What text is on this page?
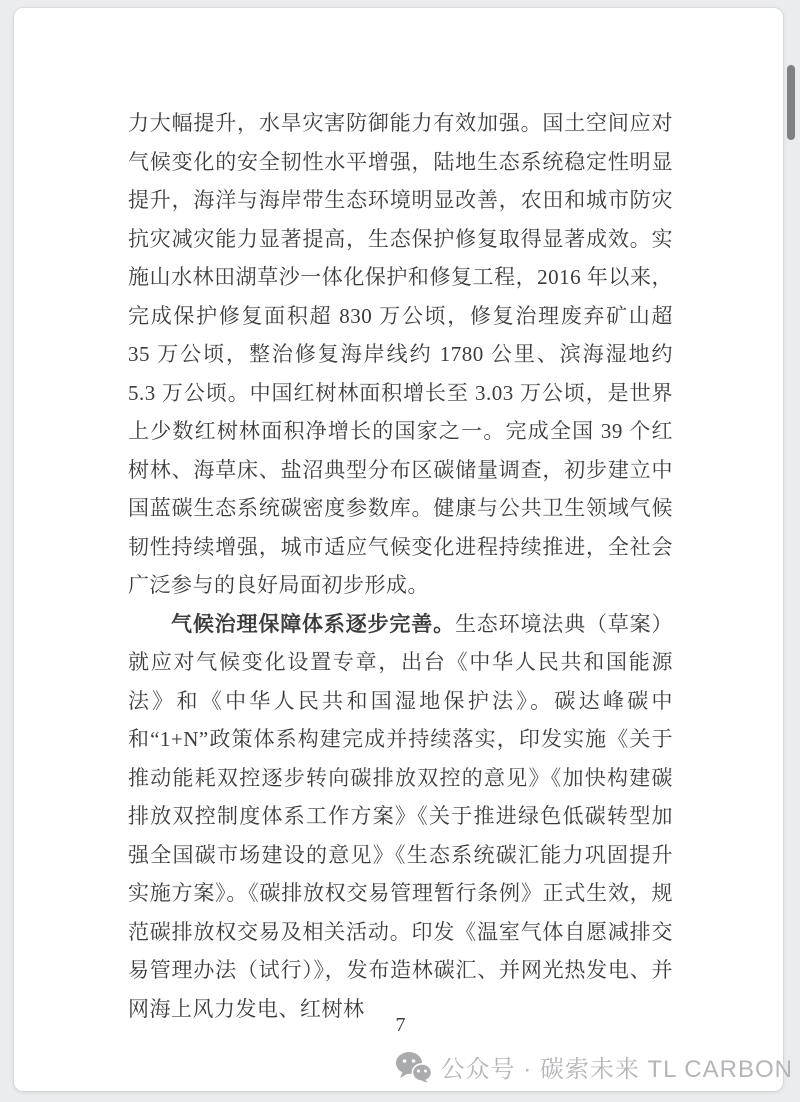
力大幅提升，水旱灾害防御能力有效加强。国土空间应对气候变化的安全韧性水平增强，陆地生态系统稳定性明显提升，海洋与海岸带生态环境明显改善，农田和城市防灾抗灾减灾能力显著提高，生态保护修复取得显著成效。实施山水林田湖草沙一体化保护和修复工程，2016 年以来，完成保护修复面积超 830 万公顷，修复治理废弃矿山超 35 万公顷，整治修复海岸线约 1780 公里、滨海湿地约 5.3 万公顷。中国红树林面积增长至 3.03 万公顷，是世界上少数红树林面积净增长的国家之一。完成全国 39 个红树林、海草床、盐沼典型分布区碳储量调查，初步建立中国蓝碳生态系统碳密度参数库。健康与公共卫生领域气候韧性持续增强，城市适应气候变化进程持续推进，全社会广泛参与的良好局面初步形成。

气候治理保障体系逐步完善。生态环境法典（草案）就应对气候变化设置专章，出台《中华人民共和国能源法》和《中华人民共和国湿地保护法》。碳达峰碳中和“1+N”政策体系构建完成并持续落实，印发实施《关于推动能耗双控逐步转向碳排放双控的意见》《加快构建碳排放双控制度体系工作方案》《关于推进绿色低碳转型加强全国碳市场建设的意见》《生态系统碳汇能力巩固提升实施方案》。《碳排放权交易管理暂行条例》正式生效，规范碳排放权交易及相关活动。印发《温室气体自愿减排交易管理办法（试行）》，发布造林碳汇、并网光热发电、并网海上风力发电、红树林

7
公众号 · 碳索未来 TL CARBON
